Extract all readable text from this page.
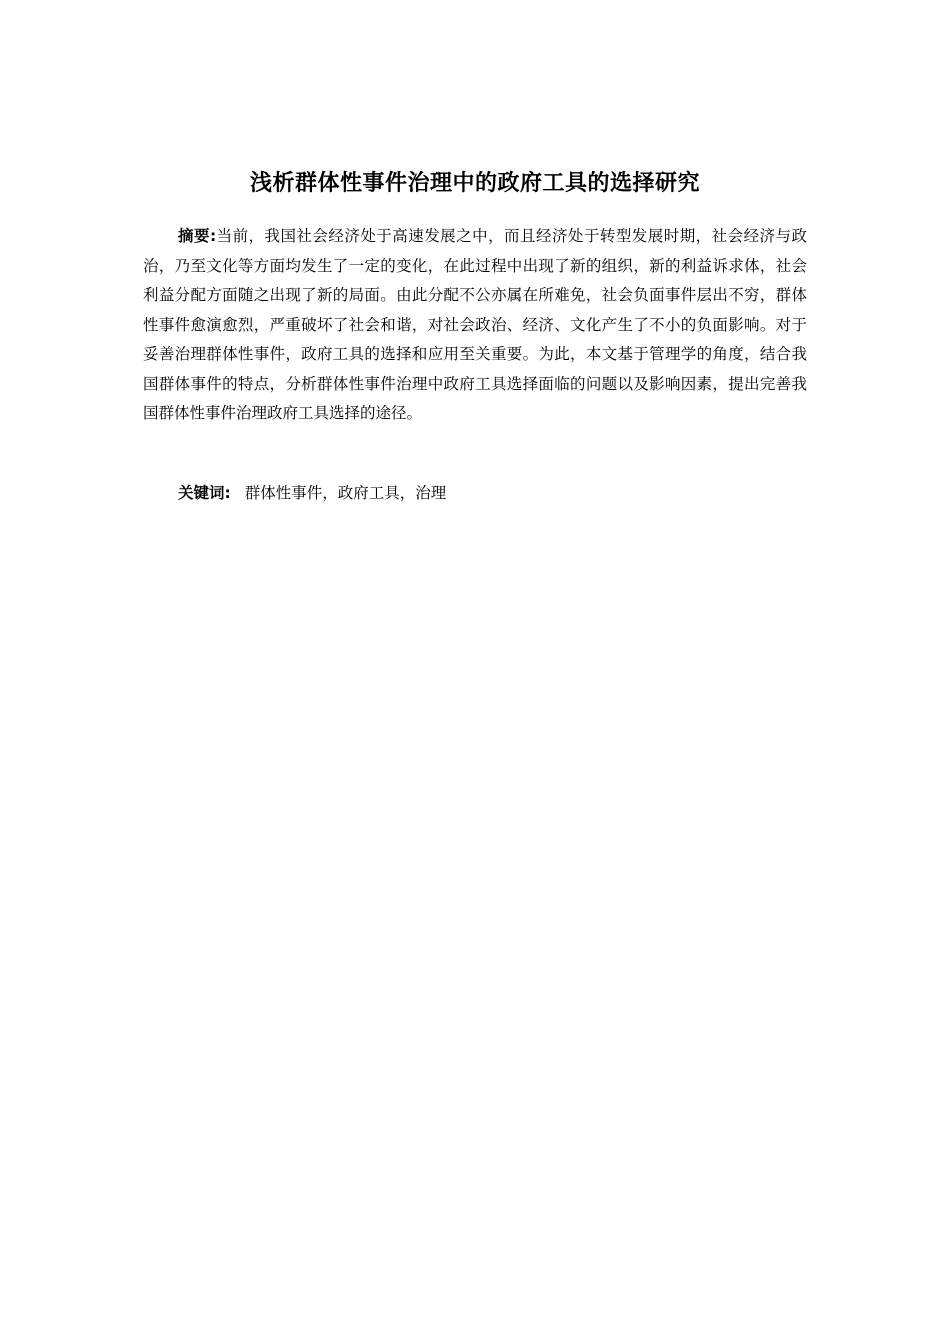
浅析群体性事件治理中的政府工具的选择研究

摘要:当前，我国社会经济处于高速发展之中，而且经济处于转型发展时期，社会经济与政治，乃至文化等方面均发生了一定的变化，在此过程中出现了新的组织，新的利益诉求体，社会利益分配方面随之出现了新的局面。由此分配不公亦属在所难免，社会负面事件层出不穷，群体性事件愈演愈烈，严重破坏了社会和谐，对社会政治、经济、文化产生了不小的负面影响。对于妥善治理群体性事件，政府工具的选择和应用至关重要。为此，本文基于管理学的角度，结合我国群体事件的特点，分析群体性事件治理中政府工具选择面临的问题以及影响因素，提出完善我国群体性事件治理政府工具选择的途径。

关键词: 群体性事件，政府工具，治理
